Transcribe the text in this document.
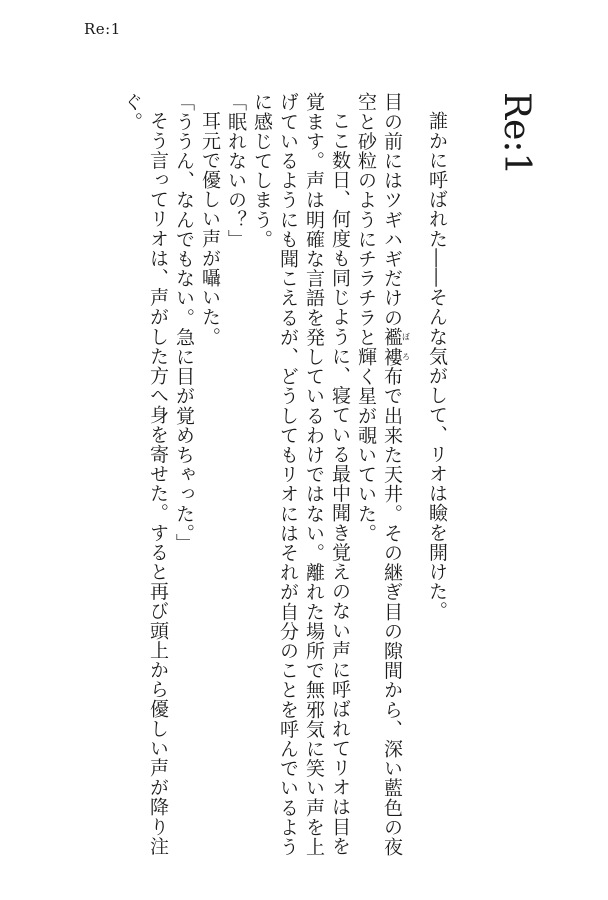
Re:1
Re:1

誰かに呼ばれた――そんな気がして、リオは瞼を開けた。

目の前にはツギハギだけの襤褸ぼろ布で出来た天井。その継ぎ目の隙間から、深い藍色の夜空と砂粒のようにチラチラと輝く星が覗いていた。

ここ数日、何度も同じように、寝ている最中聞き覚えのない声に呼ばれてリオは目を覚ます。声は明確な言語を発しているわけではない。離れた場所で無邪気に笑い声を上げているようにも聞こえるが、どうしてもリオにはそれが自分のことを呼んでいるように感じてしまう。

「眠れないの？」

耳元で優しい声が囁いた。

「ううん、なんでもない。急に目が覚めちゃった。」

そう言ってリオは、声がした方へ身を寄せた。すると再び頭上から優しい声が降り注ぐ。
